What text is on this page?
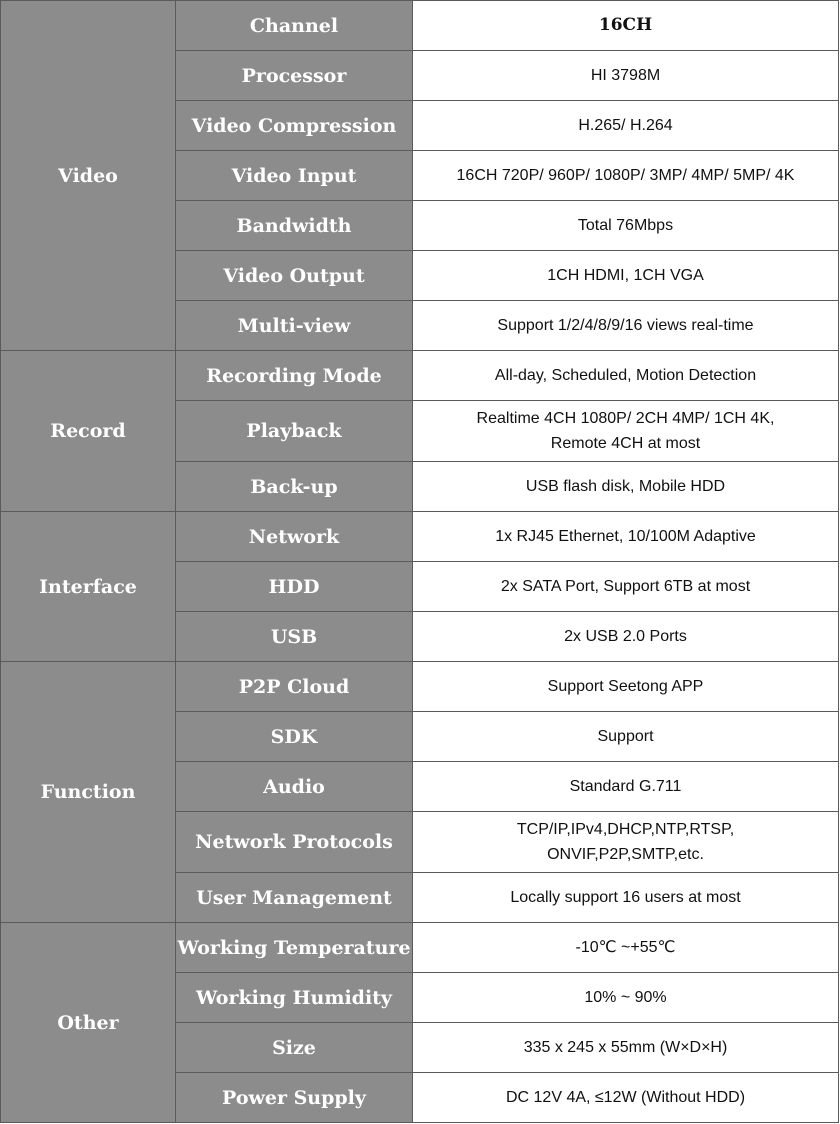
Video	Channel	16CH
	Processor	HI 3798M
	Video Compression	H.265/ H.264
	Video Input	16CH 720P/ 960P/ 1080P/ 3MP/ 4MP/ 5MP/ 4K
	Bandwidth	Total 76Mbps
	Video Output	1CH HDMI, 1CH VGA
	Multi-view	Support 1/2/4/8/9/16 views real-time
Record	Recording Mode	All-day, Scheduled, Motion Detection
	Playback	Realtime 4CH 1080P/ 2CH 4MP/ 1CH 4K,
Remote 4CH at most

	Back-up	USB flash disk, Mobile HDD
Interface	Network	1x RJ45 Ethernet, 10/100M Adaptive
	HDD	2x SATA Port, Support 6TB at most
	USB	2x USB 2.0 Ports
Function	P2P Cloud	Support Seetong APP
	SDK	Support
	Audio	Standard G.711
	Network Protocols	TCP/IP,IPv4,DHCP,NTP,RTSP,
ONVIF,P2P,SMTP,etc.

	User Management	Locally support 16 users at most
Other	Working Temperature	-10℃ ~+55℃
	Working Humidity	10% ~ 90%
	Size	335 x 245 x 55mm (W×D×H)
	Power Supply	DC 12V 4A, ≤12W (Without HDD)
